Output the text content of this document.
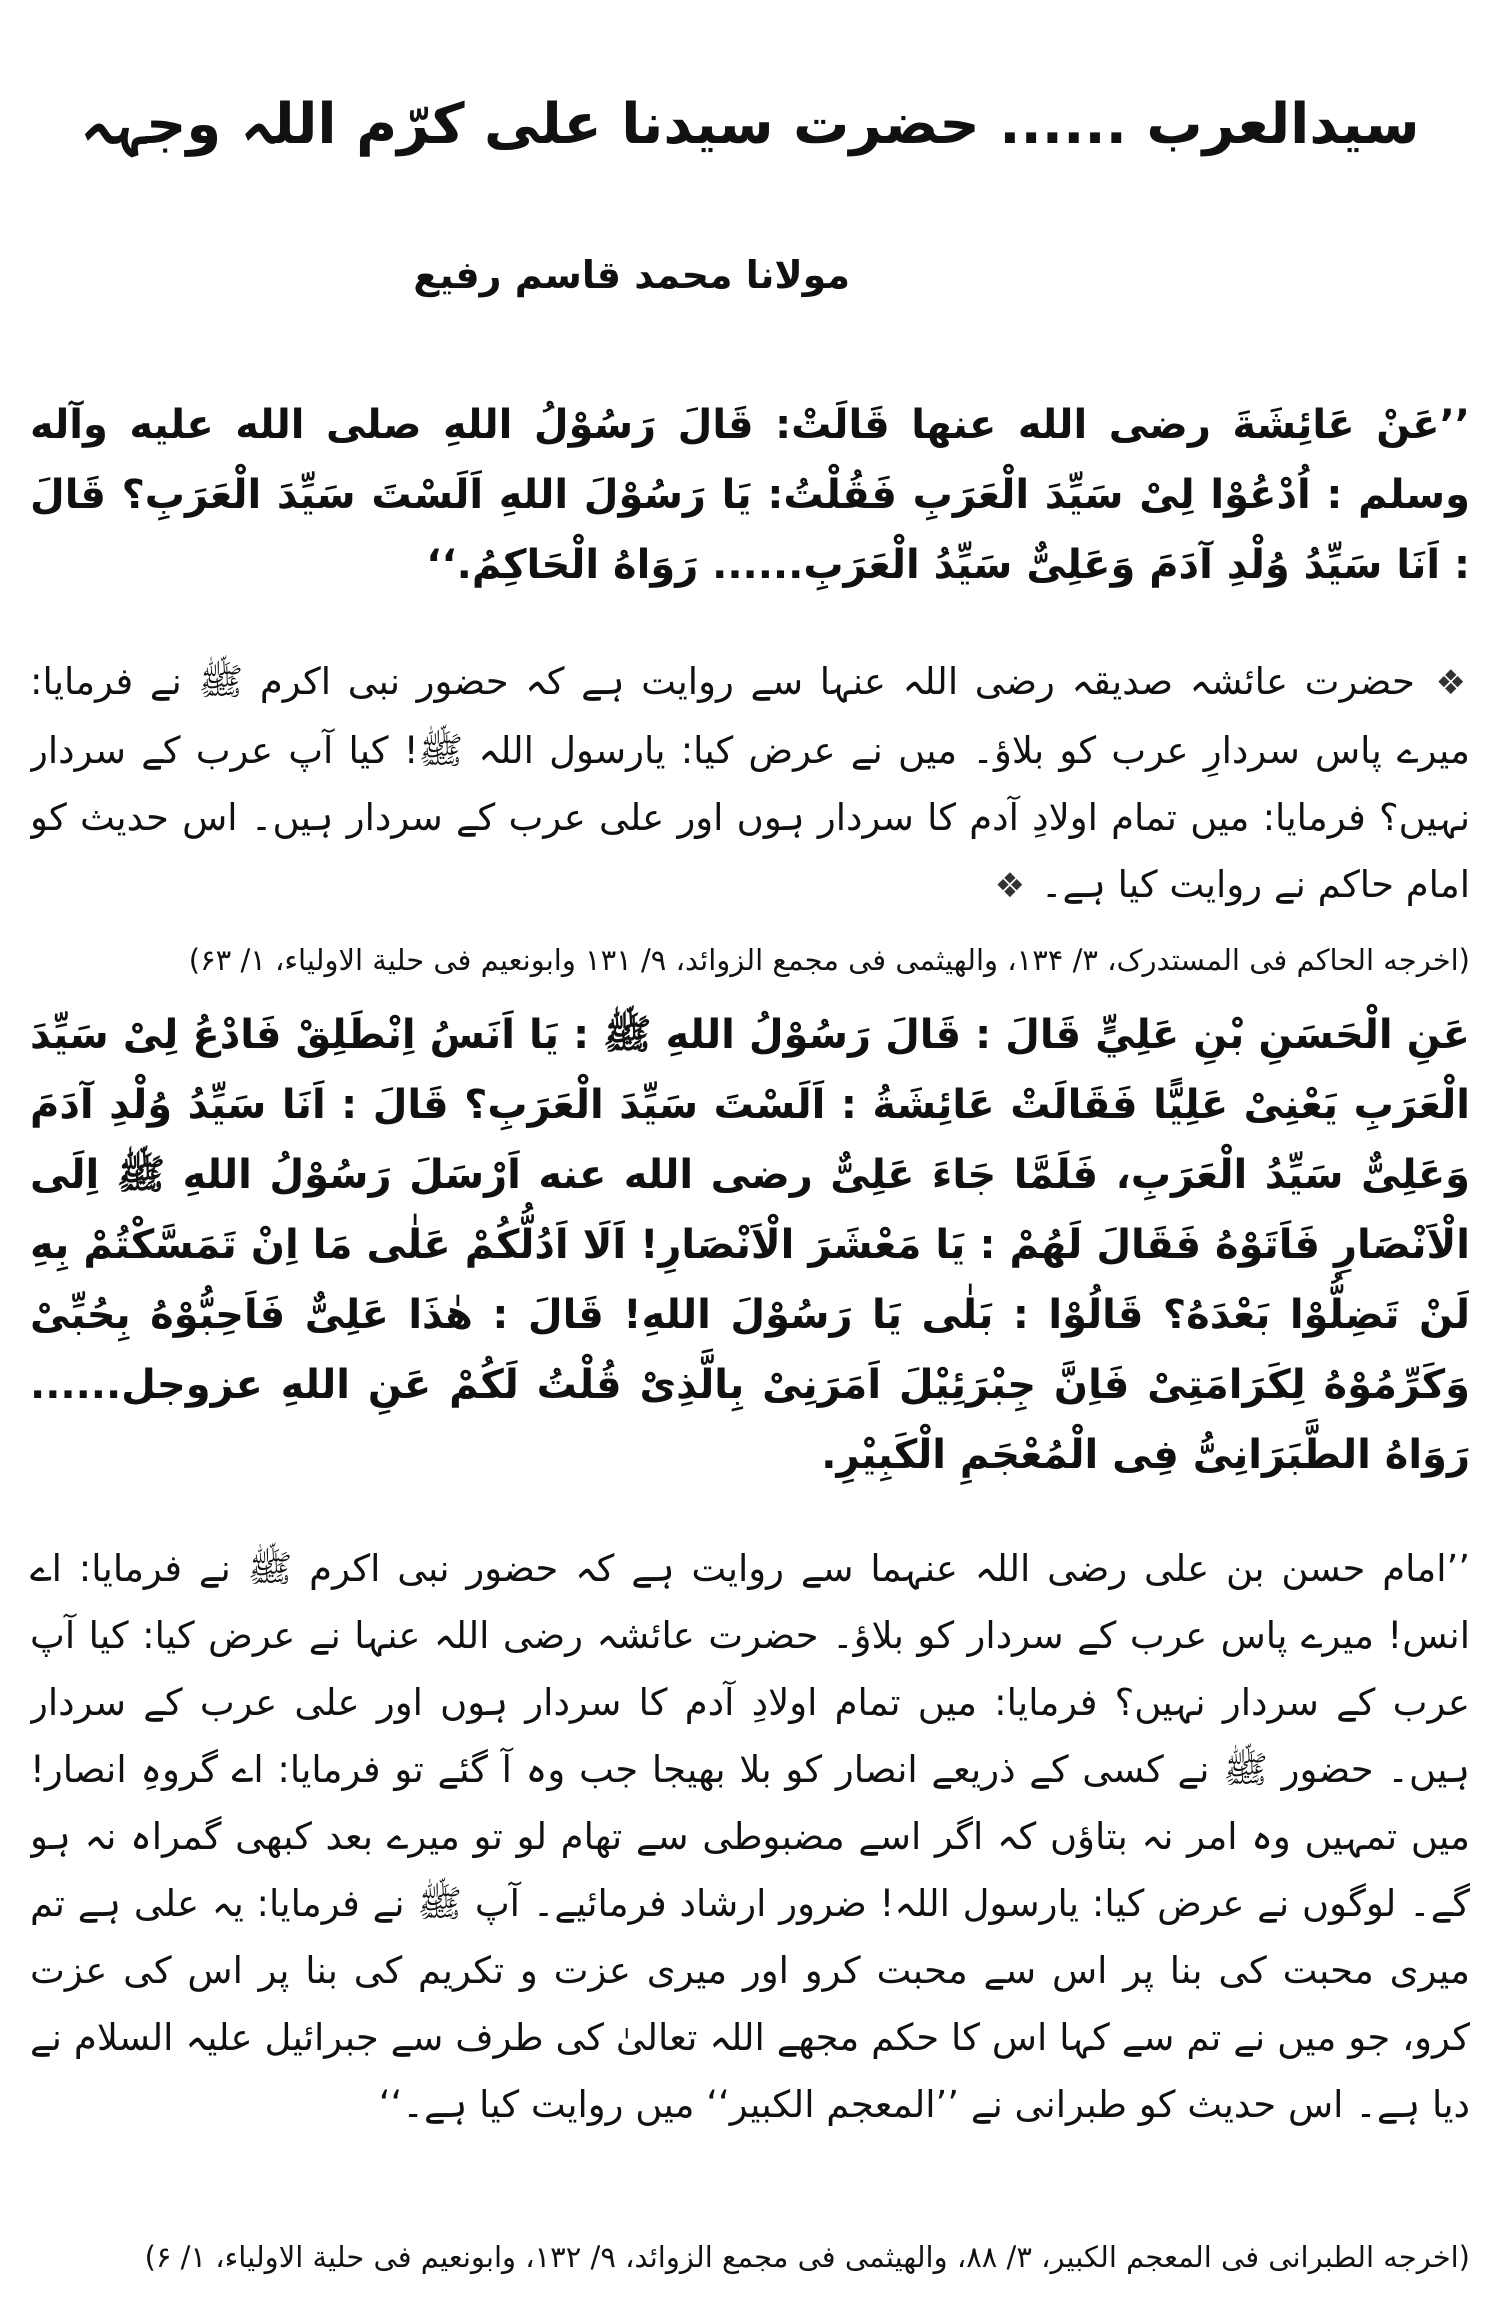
سیدالعرب ...... حضرت سیدنا علی کرّم اللہ وجہہ
مولانا محمد قاسم رفیع

’’عَنْ عَائِشَةَ رضی الله عنها قَالَتْ: قَالَ رَسُوْلُ اللهِ صلى الله عليه وآله وسلم : اُدْعُوْا لِیْ سَیِّدَ الْعَرَبِ فَقُلْتُ: یَا رَسُوْلَ اللهِ اَلَسْتَ سَیِّدَ الْعَرَبِ؟ قَالَ : اَنَا سَیِّدُ وُلْدِ آدَمَ وَعَلِیٌّ سَیِّدُ الْعَرَبِ...... رَوَاهُ الْحَاكِمُ.‘‘

❖ حضرت عائشہ صدیقہ رضی اللہ عنہا سے روایت ہے کہ حضور نبی اکرم ﷺ نے فرمایا: میرے پاس سردارِ عرب کو بلاؤ۔ میں نے عرض کیا: یارسول اللہ ﷺ! کیا آپ عرب کے سردار نہیں؟ فرمایا: میں تمام اولادِ آدم کا سردار ہوں اور علی عرب کے سردار ہیں۔ اس حدیث کو امام حاکم نے روایت کیا ہے۔ ❖

(اخرجه الحاكم فی المستدرک، ۳/ ۱۳۴، والهیثمی فی مجمع الزوائد، ۹/ ۱۳۱ وابونعیم فی حلیة الاولیاء، ۱/ ۶۳)

عَنِ الْحَسَنِ بْنِ عَلِيٍّ قَالَ : قَالَ رَسُوْلُ اللهِ ﷺ : یَا اَنَسُ اِنْطَلِقْ فَادْعُ لِیْ سَیِّدَ الْعَرَبِ یَعْنِیْ عَلِیًّا فَقَالَتْ عَائِشَةُ : اَلَسْتَ سَیِّدَ الْعَرَبِ؟ قَالَ : اَنَا سَیِّدُ وُلْدِ آدَمَ وَعَلِیٌّ سَیِّدُ الْعَرَبِ، فَلَمَّا جَاءَ عَلِیٌّ رضی الله عنه اَرْسَلَ رَسُوْلُ اللهِ ﷺ اِلَى الْاَنْصَارِ فَاَتَوْهُ فَقَالَ لَهُمْ : یَا مَعْشَرَ الْاَنْصَارِ! اَلَا اَدُلُّكُمْ عَلٰی مَا اِنْ تَمَسَّكْتُمْ بِهِ لَنْ تَضِلُّوْا بَعْدَهُ؟ قَالُوْا : بَلٰی یَا رَسُوْلَ اللهِ! قَالَ : هٰذَا عَلِیٌّ فَاَحِبُّوْهُ بِحُبِّیْ وَكَرِّمُوْهُ لِكَرَامَتِیْ فَاِنَّ جِبْرَئِیْلَ اَمَرَنِیْ بِالَّذِیْ قُلْتُ لَكُمْ عَنِ اللهِ عزوجل...... رَوَاهُ الطَّبَرَانِیُّ فِی الْمُعْجَمِ الْكَبِیْرِ.

’’امام حسن بن علی رضی اللہ عنہما سے روایت ہے کہ حضور نبی اکرم ﷺ نے فرمایا: اے انس! میرے پاس عرب کے سردار کو بلاؤ۔ حضرت عائشہ رضی اللہ عنہا نے عرض کیا: کیا آپ عرب کے سردار نہیں؟ فرمایا: میں تمام اولادِ آدم کا سردار ہوں اور علی عرب کے سردار ہیں۔ حضور ﷺ نے کسی کے ذریعے انصار کو بلا بھیجا جب وہ آ گئے تو فرمایا: اے گروہِ انصار! میں تمہیں وہ امر نہ بتاؤں کہ اگر اسے مضبوطی سے تھام لو تو میرے بعد کبھی گمراہ نہ ہو گے۔ لوگوں نے عرض کیا: یارسول اللہ! ضرور ارشاد فرمائیے۔ آپ ﷺ نے فرمایا: یہ علی ہے تم میری محبت کی بنا پر اس سے محبت کرو اور میری عزت و تکریم کی بنا پر اس کی عزت کرو، جو میں نے تم سے کہا اس کا حکم مجھے اللہ تعالیٰ کی طرف سے جبرائیل علیہ السلام نے دیا ہے۔ اس حدیث کو طبرانی نے ’’المعجم الکبیر‘‘ میں روایت کیا ہے۔‘‘

(اخرجه الطبرانی فی المعجم الكبير، ۳/ ۸۸، والهیثمی فی مجمع الزوائد، ۹/ ۱۳۲، وابونعیم فی حلیة الاولیاء، ۱/ ۶)
